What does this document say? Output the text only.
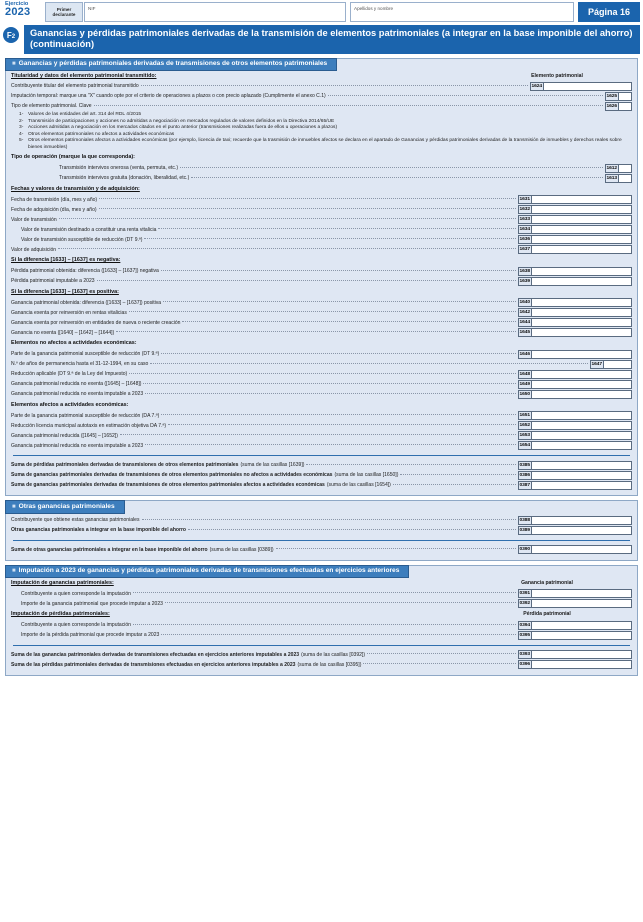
Ejercicio
2023	Primer declarante
NIF	Apellidos y nombre	Página 16
$F_2$	Ganancias y pérdidas patrimoniales derivadas de la transmisión de elementos patrimoniales (a integrar en la base imponible del ahorro) (continuación)
■ Ganancias y pérdidas patrimoniales derivadas de transmisiones de otros elementos patrimoniales
Titularidad y datos del elemento patrimonial transmitido:	Elemento patrimonial
Contribuyente titular del elemento patrimonial transmitido	1624
Imputación temporal: marque una "X" cuando opte por el criterio de operaciones a plazos o con precio aplazado (Cumplimente el anexo C.1)	1625
Tipo de elemento patrimonial. Clave	1626
1- Valores de las entidades del art. 314 del RDL 4/2015
2- Transmisión de participaciones y acciones no admitidas a negociación en mercados regulados de valores definidos en la Directiva 2014/65/UE
3- Acciones admitidas a negociación en los mercados citados en el punto anterior (transmisiones realizadas fuera de ellos u operaciones a plazos)
4- Otros elementos patrimoniales no afectos a actividades económicas
5- Otros elementos patrimoniales afectos a actividades económicas (por ejemplo, licencia de taxi; recuerde que la trasmisión de inmuebles afectos se declara en el apartado de Ganancias y pérdidas patrimoniales derivadas de la transmisión de inmuebles y derechos reales sobre bienes inmuebles)
Tipo de operación (marque la que corresponda):
Transmisión intervivos onerosa (venta, permuta, etc.)	1612
Transmisión intervivos gratuita (donación, liberalidad, etc.)	1613
Fechas y valores de transmisión y de adquisición:
Fecha de transmisión (día, mes y año)	1631
Fecha de adquisición (día, mes y año)	1632
Valor de transmisión	1633
Valor de transmisión destinado a constituir una renta vitalicia	1634
Valor de transmisión susceptible de reducción (DT 9.ª)	1636
Valor de adquisición	1637
Si la diferencia [1633] – [1637] es negativa:
Pérdida patrimonial obtenida: diferencia ([1633] – [1637]) negativa	1638
Pérdida patrimonial imputable a 2023	1639
Si la diferencia [1633] – [1637] es positiva:
Ganancia patrimonial obtenida: diferencia ([1633] – [1637]) positiva	1640
Ganancia exenta por reinversión en rentas vitalicias	1642
Ganancia exenta por reinversión en entidades de nueva o reciente creación	1644
Ganancia no exenta ([1640] – [1642] – [1644])	1645
Elementos no afectos a actividades económicas:
Parte de la ganancia patrimonial susceptible de reducción (DT 9.ª)	1646
N.º de años de permanencia hasta el 31-12-1994, en su caso	1647
Reducción aplicable (DT 9.ª de la Ley del Impuesto)	1648
Ganancia patrimonial reducida no exenta ([1645] – [1648])	1649
Ganancia patrimonial reducida no exenta imputable a 2023	1650
Elementos afectos a actividades económicas:
Parte de la ganancia patrimonial susceptible de reducción (DA 7.ª)	1651
Reducción licencia municipal autotaxis en estimación objetiva DA 7.ª)	1652
Ganancia patrimonial reducida ([1645] – [1652])	1653
Ganancia patrimonial reducida no exenta imputable a 2023	1654
Suma de pérdidas patrimoniales derivadas de transmisiones de otros elementos patrimoniales (suma de las casillas [1639])	0385
Suma de ganancias patrimoniales derivadas de transmisiones de otros elementos patrimoniales no afectos a actividades económicas (suma de las casillas [1650])	0386
Suma de ganancias patrimoniales derivadas de transmisiones de otros elementos patrimoniales afectos a actividades económicas (suma de las casillas [1654])	0387
■ Otras ganancias patrimoniales
Contribuyente que obtiene estas ganancias patrimoniales	0388
Otras ganancias patrimoniales a integrar en la base imponible del ahorro	0389
Suma de otras ganancias patrimoniales a integrar en la base imponible del ahorro (suma de las casillas [0389])	0390
■ Imputación a 2023 de ganancias y pérdidas patrimoniales derivadas de transmisiones efectuadas en ejercicios anteriores
Imputación de ganancias patrimoniales:	Ganancia patrimonial
Contribuyente a quien corresponde la imputación	0391
Importe de la ganancia patrimonial que procede imputar a 2023	0392
Imputación de pérdidas patrimoniales:	Pérdida patrimonial
Contribuyente a quien corresponde la imputación	0394
Importe de la pérdida patrimonial que procede imputar a 2023	0395
Suma de las ganancias patrimoniales derivadas de transmisiones efectuadas en ejercicios anteriores imputables a 2023 (suma de las casillas [0392])	0393
Suma de las pérdidas patrimoniales derivadas de transmisiones efectuadas en ejercicios anteriores imputables a 2023 (suma de las casillas [0395])	0396
